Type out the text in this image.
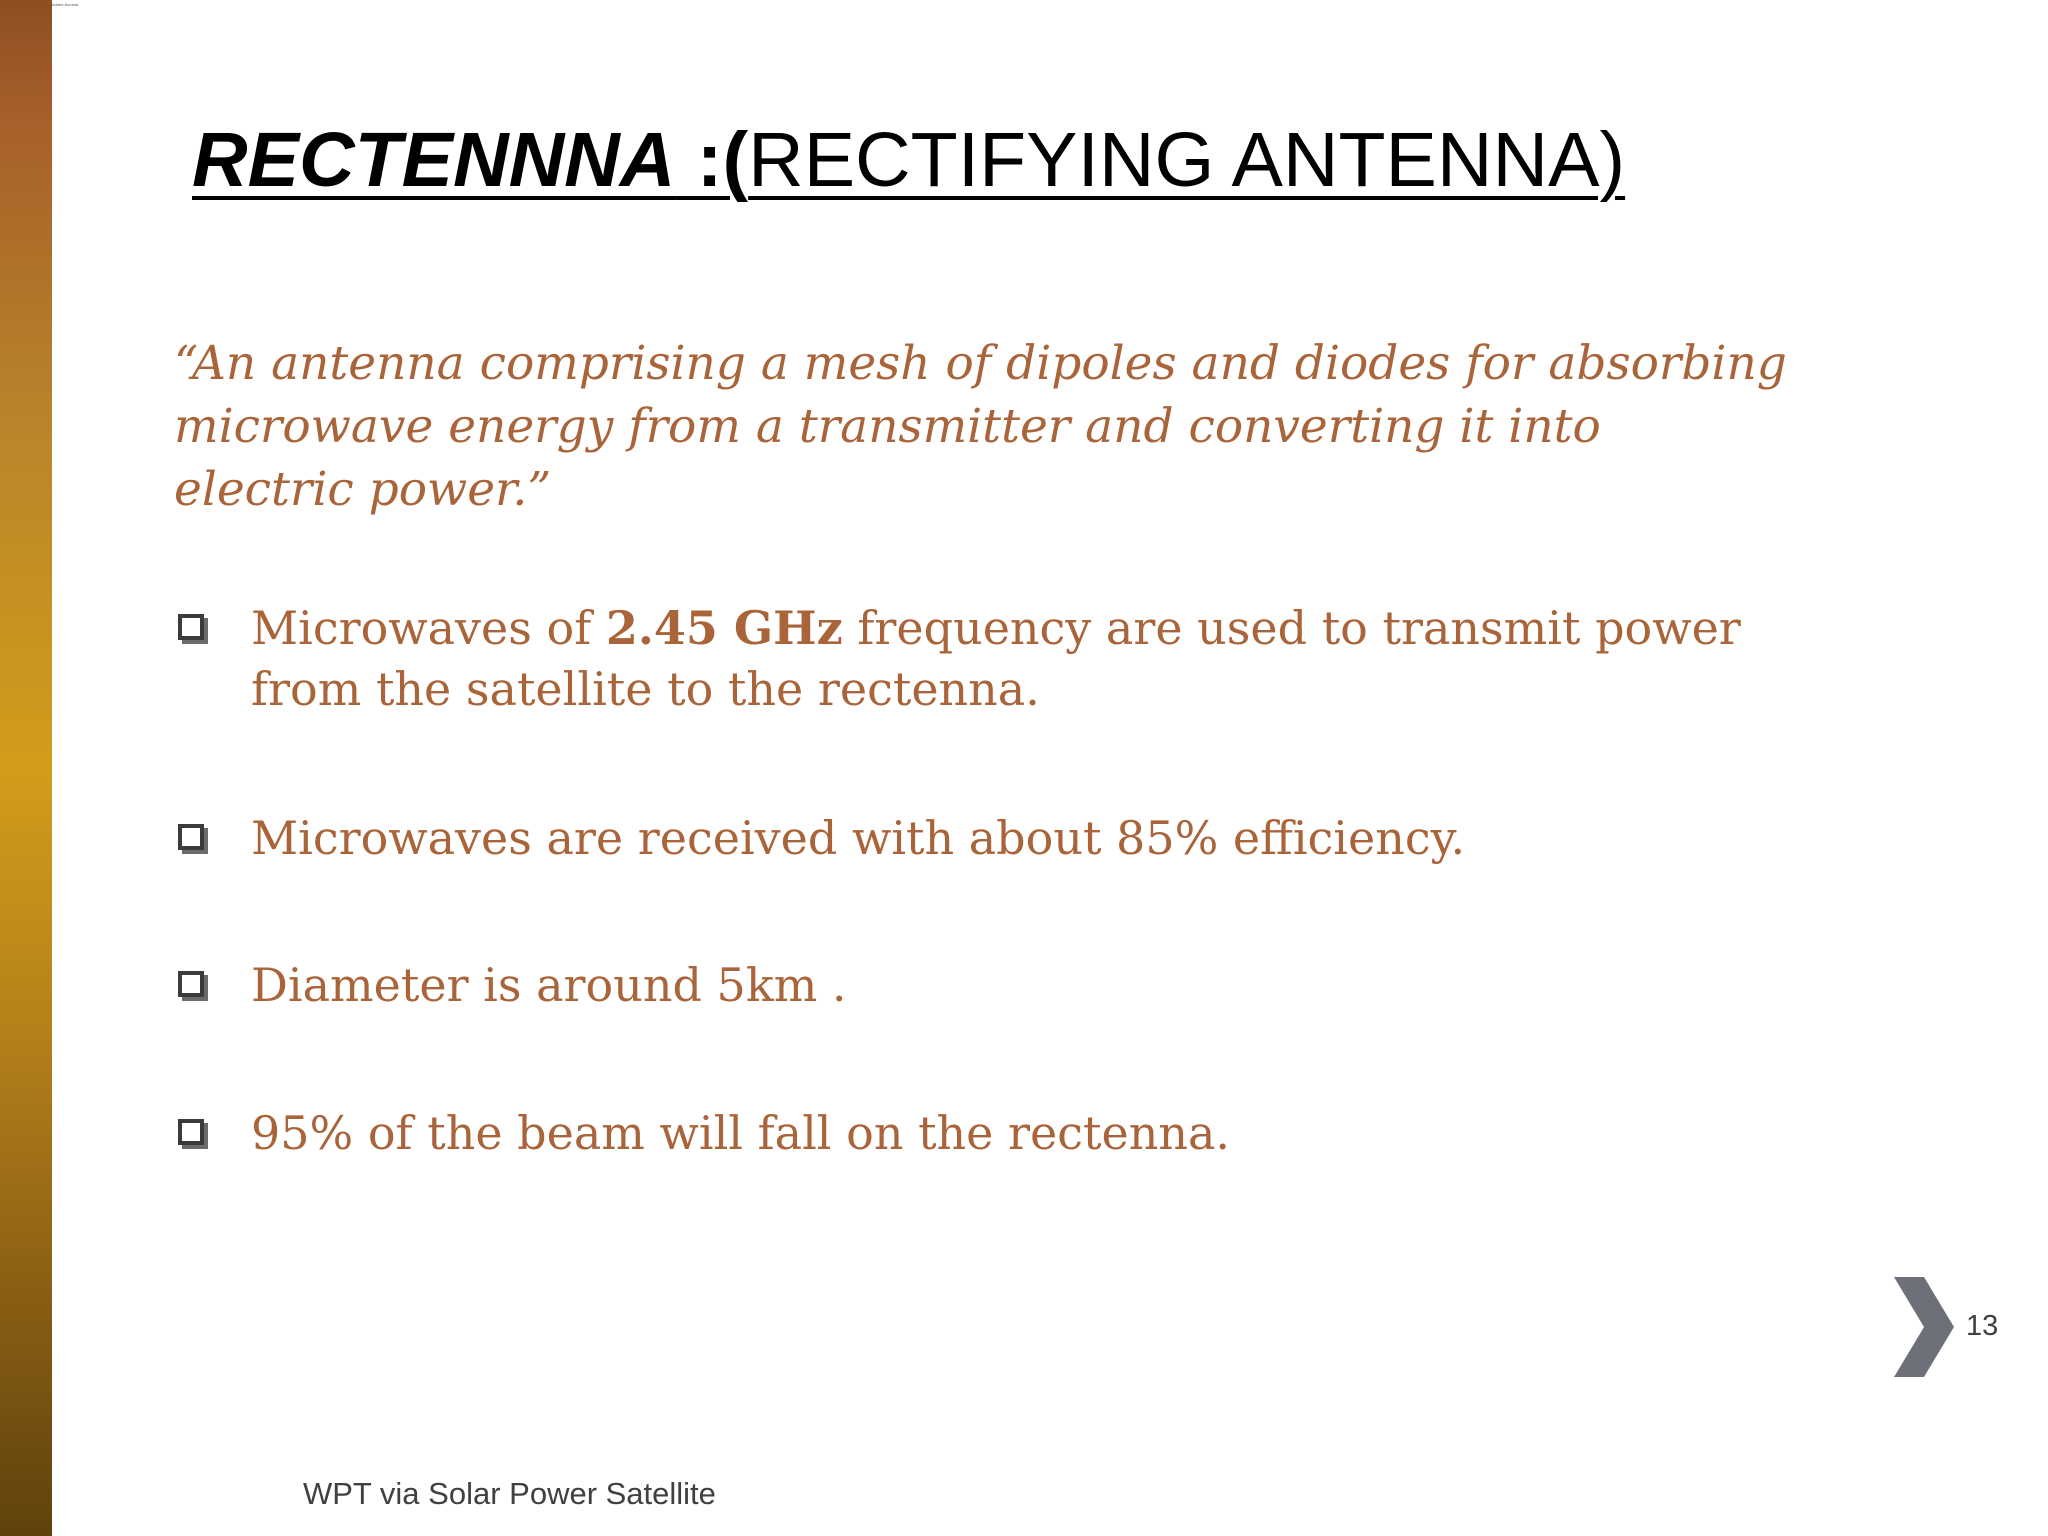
Adobe Acrobat
RECTENNNA :(RECTIFYING ANTENNA)

“An antenna comprising a mesh of dipoles and diodes for absorbing microwave energy from a transmitter and converting it into electric power.”

Microwaves of 2.45 GHz frequency are used to transmit power from the satellite to the rectenna.
Microwaves are received with about 85% efficiency.
Diameter is around 5km .
95% of the beam will fall on the rectenna.
13
WPT via Solar Power Satellite
